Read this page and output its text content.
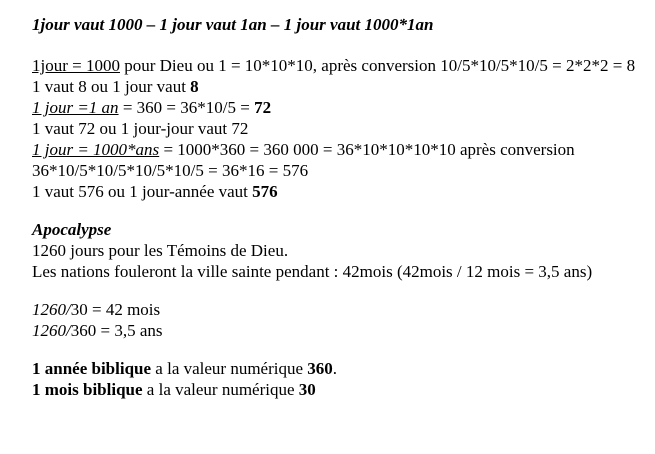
1jour vaut 1000 – 1 jour vaut 1an – 1 jour vaut 1000*1an
1jour = 1000 pour Dieu ou 1 = 10*10*10, après conversion 10/5*10/5*10/5 = 2*2*2 = 8
1 vaut 8 ou 1 jour vaut 8
1 jour =1 an = 360 = 36*10/5 = 72
1 vaut 72 ou 1 jour-jour vaut 72
1 jour = 1000*ans = 1000*360 = 360 000 = 36*10*10*10*10 après conversion 36*10/5*10/5*10/5*10/5 = 36*16 = 576
1 vaut 576 ou 1 jour-année vaut 576
Apocalypse
1260 jours pour les Témoins de Dieu.
Les nations fouleront la ville sainte pendant : 42mois (42mois / 12 mois = 3,5 ans)
1260/30 = 42 mois
1260/360 = 3,5 ans
1 année biblique a la valeur numérique 360.
1 mois biblique a la valeur numérique 30
